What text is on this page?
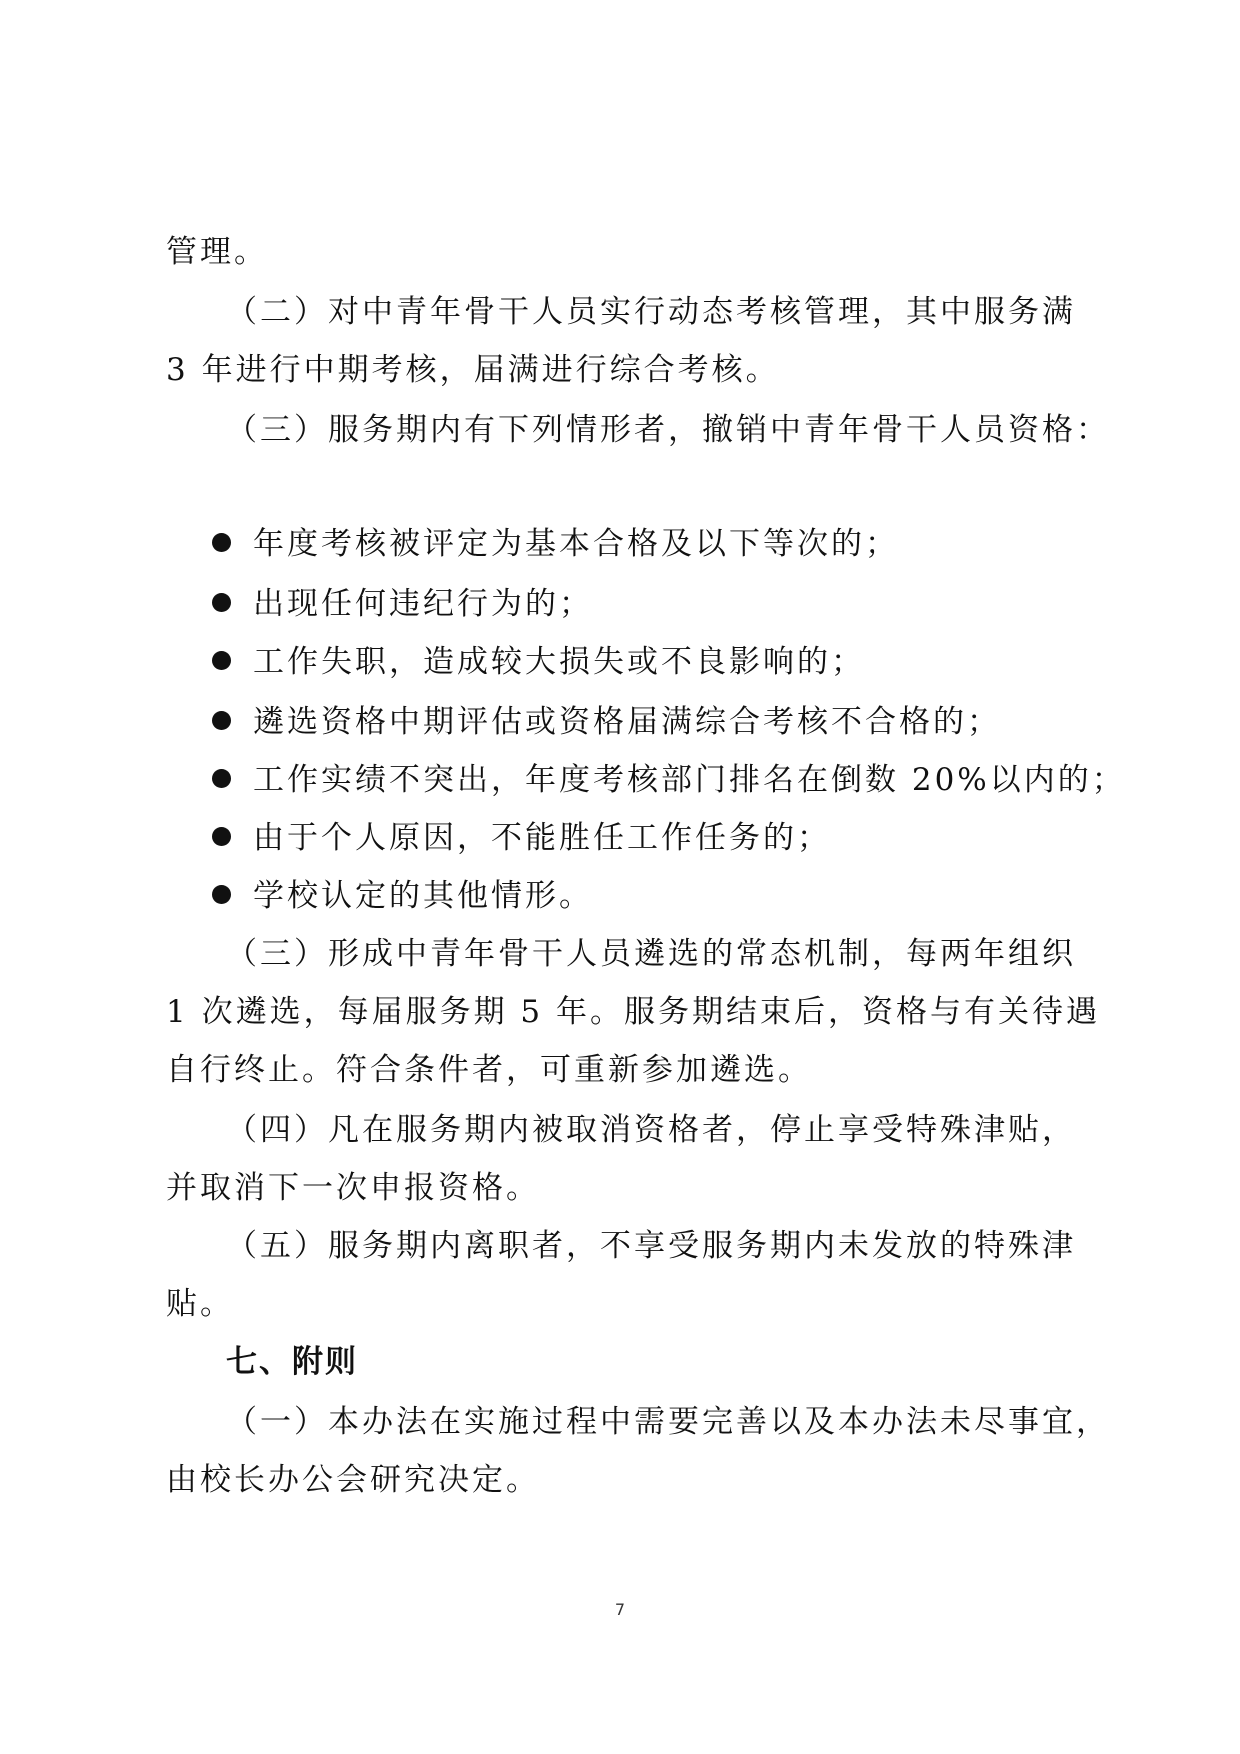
管理。
（二）对中青年骨干人员实行动态考核管理，其中服务满
3 年进行中期考核，届满进行综合考核。
（三）服务期内有下列情形者，撤销中青年骨干人员资格：
年度考核被评定为基本合格及以下等次的；
出现任何违纪行为的；
工作失职，造成较大损失或不良影响的；
遴选资格中期评估或资格届满综合考核不合格的；
工作实绩不突出，年度考核部门排名在倒数 20%以内的；
由于个人原因，不能胜任工作任务的；
学校认定的其他情形。
（三）形成中青年骨干人员遴选的常态机制，每两年组织
1 次遴选，每届服务期 5 年。服务期结束后，资格与有关待遇
自行终止。符合条件者，可重新参加遴选。
（四）凡在服务期内被取消资格者，停止享受特殊津贴，
并取消下一次申报资格。
（五）服务期内离职者，不享受服务期内未发放的特殊津
贴。
七、附则
（一）本办法在实施过程中需要完善以及本办法未尽事宜，
由校长办公会研究决定。
7
